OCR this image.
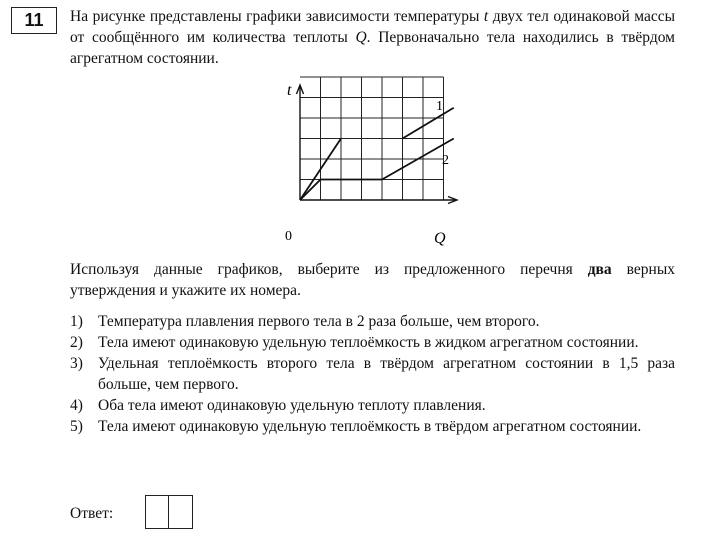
11	На рисунке представлены графики зависимости температуры t двух тел одинаковой массы от сообщённого им количества теплоты Q. Первоначально тела находились в твёрдом агрегатном состоянии.
t
Q
0
1
2
Используя данные графиков, выберите из предложенного перечня два верных утверждения и укажите их номера.
1) Температура плавления первого тела в 2 раза больше, чем второго.
2) Тела имеют одинаковую удельную теплоёмкость в жидком агрегатном состоянии.
3) Удельная теплоёмкость второго тела в твёрдом агрегатном состоянии в 1,5 раза больше, чем первого.
4) Оба тела имеют одинаковую удельную теплоту плавления.
5) Тела имеют одинаковую удельную теплоёмкость в твёрдом агрегатном состоянии.
Ответ:
